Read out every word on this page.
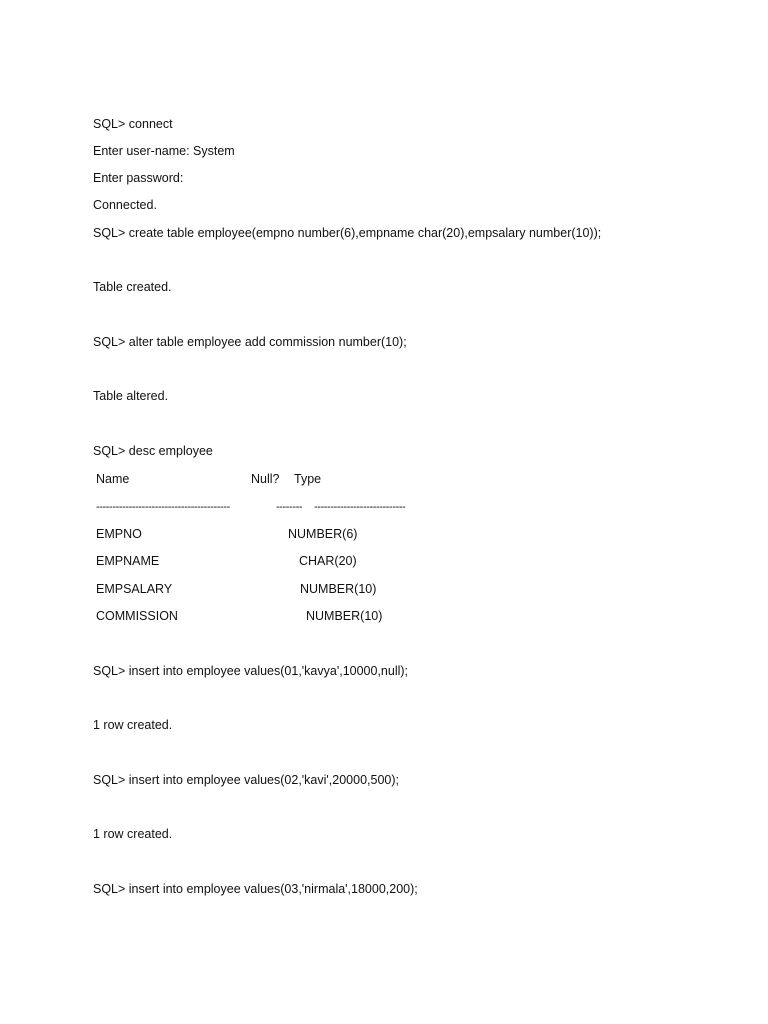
SQL> connect
Enter user-name: System
Enter password:
Connected.
SQL> create table employee(empno number(6),empname char(20),empsalary number(10));
Table created.
SQL> alter table employee add commission number(10);
Table altered.
SQL> desc employee
Name	Null? Type
-----------------------------------------	-------- ----------------------------
EMPNO	NUMBER(6)
EMPNAME	CHAR(20)
EMPSALARY	NUMBER(10)
COMMISSION	NUMBER(10)
SQL> insert into employee values(01,'kavya',10000,null);
1 row created.
SQL> insert into employee values(02,'kavi',20000,500);
1 row created.
SQL> insert into employee values(03,'nirmala',18000,200);
